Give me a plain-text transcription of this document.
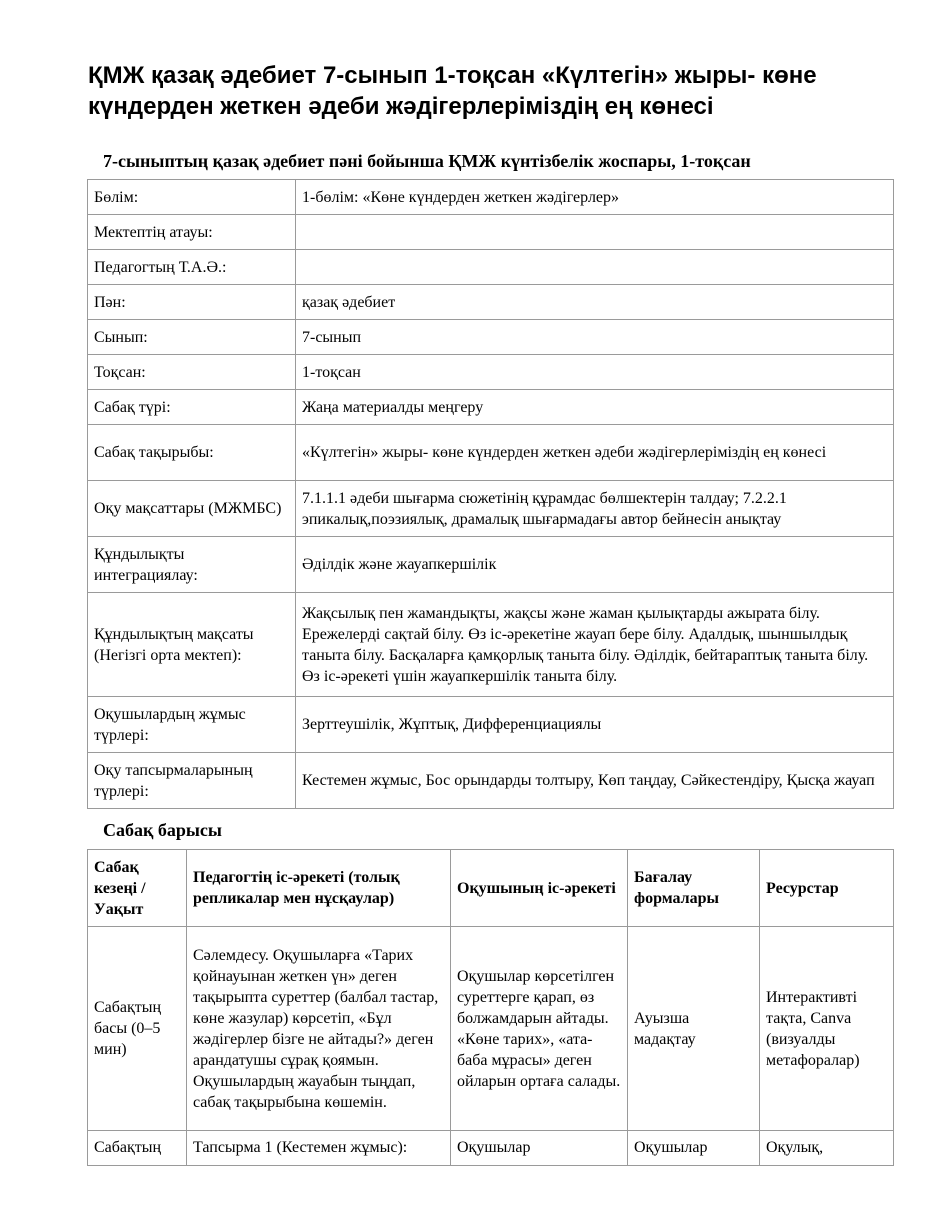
ҚМЖ қазақ әдебиет 7-сынып 1-тоқсан «Күлтегін» жыры- көне күндерден жеткен әдеби жәдігерлеріміздің ең көнесі
7-сыныптың қазақ әдебиет пәні бойынша ҚМЖ күнтізбелік жоспары, 1-тоқсан
Бөлім:	1-бөлім: «Көне күндерден жеткен жәдігерлер»
Мектептің атауы:	
Педагогтың Т.А.Ә.:	
Пән:	қазақ әдебиет
Сынып:	7-сынып
Тоқсан:	1-тоқсан
Сабақ түрі:	Жаңа материалды меңгеру
Сабақ тақырыбы:	«Күлтегін» жыры- көне күндерден жеткен әдеби жәдігерлеріміздің ең көнесі
Оқу мақсаттары (МЖМБС)	7.1.1.1 әдеби шығарма сюжетінің құрамдас бөлшектерін талдау; 7.2.2.1 эпикалық,поэзиялық, драмалық шығармадағы автор бейнесін анықтау
Құндылықты интеграциялау:	Әділдік және жауапкершілік
Құндылықтың мақсаты (Негізгі орта мектеп):	Жақсылық пен жамандықты, жақсы және жаман қылықтарды ажырата білу. Ережелерді сақтай білу. Өз іс-әрекетіне жауап бере білу. Адалдық, шыншылдық таныта білу. Басқаларға қамқорлық таныта білу. Әділдік, бейтараптық таныта білу. Өз іс-әрекеті үшін жауапкершілік таныта білу.
Оқушылардың жұмыс түрлері:	Зерттеушілік, Жұптық, Дифференциациялы
Оқу тапсырмаларының түрлері:	Кестемен жұмыс, Бос орындарды толтыру, Көп таңдау, Сәйкестендіру, Қысқа жауап
Сабақ барысы
Сабақ кезеңі / Уақыт	Педагогтің іс-әрекеті (толық репликалар мен нұсқаулар)	Оқушының іс-әрекеті	Бағалау формалары	Ресурстар
Сабақтың басы (0–5 мин)	Сәлемдесу. Оқушыларға «Тарих қойнауынан жеткен үн» деген тақырыпта суреттер (балбал тастар, көне жазулар) көрсетіп, «Бұл жәдігерлер бізге не айтады?» деген арандатушы сұрақ қоямын. Оқушылардың жауабын тыңдап, сабақ тақырыбына көшемін.	Оқушылар көрсетілген суреттерге қарап, өз болжамдарын айтады. «Көне тарих», «ата-баба мұрасы» деген ойларын ортаға салады.	Ауызша мадақтау	Интерактивті тақта, Canva (визуалды метафоралар)
Сабақтың	Тапсырма 1 (Кестемен жұмыс):	Оқушылар	Оқушылар	Оқулық,
